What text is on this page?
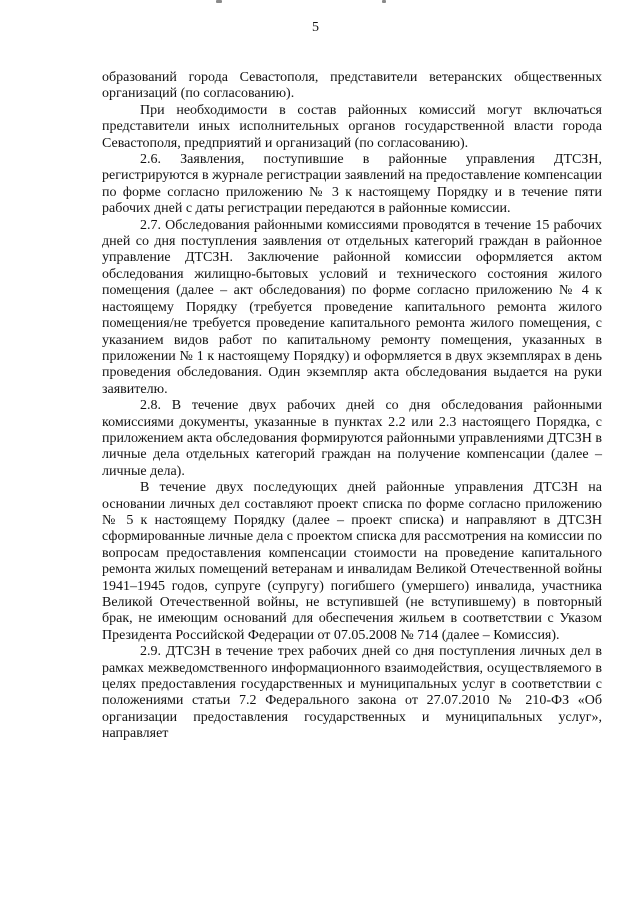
5

образований города Севастополя, представители ветеранских общественных организаций (по согласованию).

При необходимости в состав районных комиссий могут включаться представители иных исполнительных органов государственной власти города Севастополя, предприятий и организаций (по согласованию).

2.6. Заявления, поступившие в районные управления ДТСЗН, регистрируются в журнале регистрации заявлений на предоставление компенсации по форме согласно приложению № 3 к настоящему Порядку и в течение пяти рабочих дней с даты регистрации передаются в районные комиссии.

2.7. Обследования районными комиссиями проводятся в течение 15 рабочих дней со дня поступления заявления от отдельных категорий граждан в районное управление ДТСЗН. Заключение районной комиссии оформляется актом обследования жилищно-бытовых условий и технического состояния жилого помещения (далее – акт обследования) по форме согласно приложению № 4 к настоящему Порядку (требуется проведение капитального ремонта жилого помещения/не требуется проведение капитального ремонта жилого помещения, с указанием видов работ по капитальному ремонту помещения, указанных в приложении № 1 к настоящему Порядку) и оформляется в двух экземплярах в день проведения обследования. Один экземпляр акта обследования выдается на руки заявителю.

2.8. В течение двух рабочих дней со дня обследования районными комиссиями документы, указанные в пунктах 2.2 или 2.3 настоящего Порядка, с приложением акта обследования формируются районными управлениями ДТСЗН в личные дела отдельных категорий граждан на получение компенсации (далее – личные дела).

В течение двух последующих дней районные управления ДТСЗН на основании личных дел составляют проект списка по форме согласно приложению № 5 к настоящему Порядку (далее – проект списка) и направляют в ДТСЗН сформированные личные дела с проектом списка для рассмотрения на комиссии по вопросам предоставления компенсации стоимости на проведение капитального ремонта жилых помещений ветеранам и инвалидам Великой Отечественной войны 1941–1945 годов, супруге (супругу) погибшего (умершего) инвалида, участника Великой Отечественной войны, не вступившей (не вступившему) в повторный брак, не имеющим оснований для обеспечения жильем в соответствии с Указом Президента Российской Федерации от 07.05.2008 № 714 (далее – Комиссия).

2.9. ДТСЗН в течение трех рабочих дней со дня поступления личных дел в рамках межведомственного информационного взаимодействия, осуществляемого в целях предоставления государственных и муниципальных услуг в соответствии с положениями статьи 7.2 Федерального закона от 27.07.2010 № 210-ФЗ «Об организации предоставления государственных и муниципальных услуг», направляет
